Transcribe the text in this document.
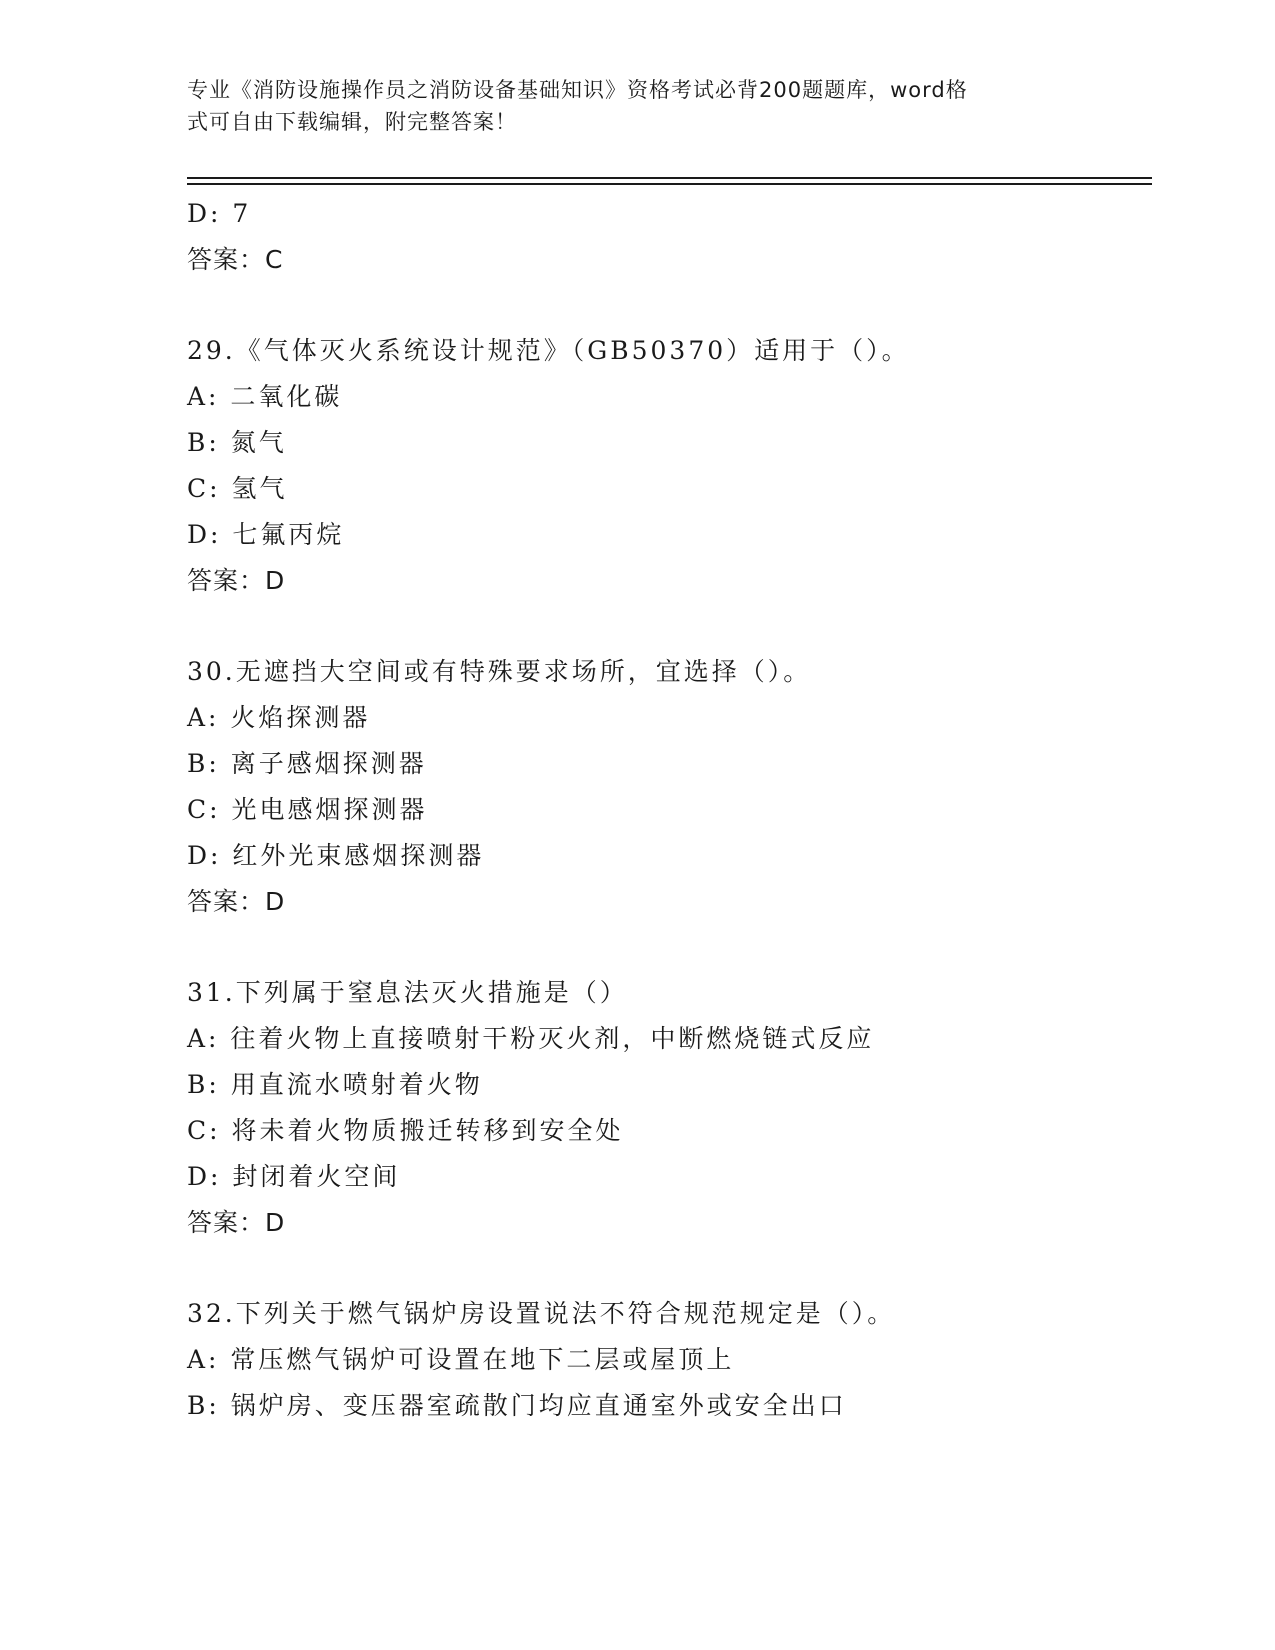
专业《消防设施操作员之消防设备基础知识》资格考试必背200题题库，word格
式可自由下载编辑，附完整答案！
D: 7
答案：C
29.《气体灭火系统设计规范》（GB50370）适用于（）。
A: 二氧化碳
B: 氮气
C: 氢气
D: 七氟丙烷
答案：D
30.无遮挡大空间或有特殊要求场所，宜选择（）。
A: 火焰探测器
B: 离子感烟探测器
C: 光电感烟探测器
D: 红外光束感烟探测器
答案：D
31.下列属于窒息法灭火措施是（）
A: 往着火物上直接喷射干粉灭火剂，中断燃烧链式反应
B: 用直流水喷射着火物
C: 将未着火物质搬迁转移到安全处
D: 封闭着火空间
答案：D
32.下列关于燃气锅炉房设置说法不符合规范规定是（）。
A: 常压燃气锅炉可设置在地下二层或屋顶上
B: 锅炉房、变压器室疏散门均应直通室外或安全出口
